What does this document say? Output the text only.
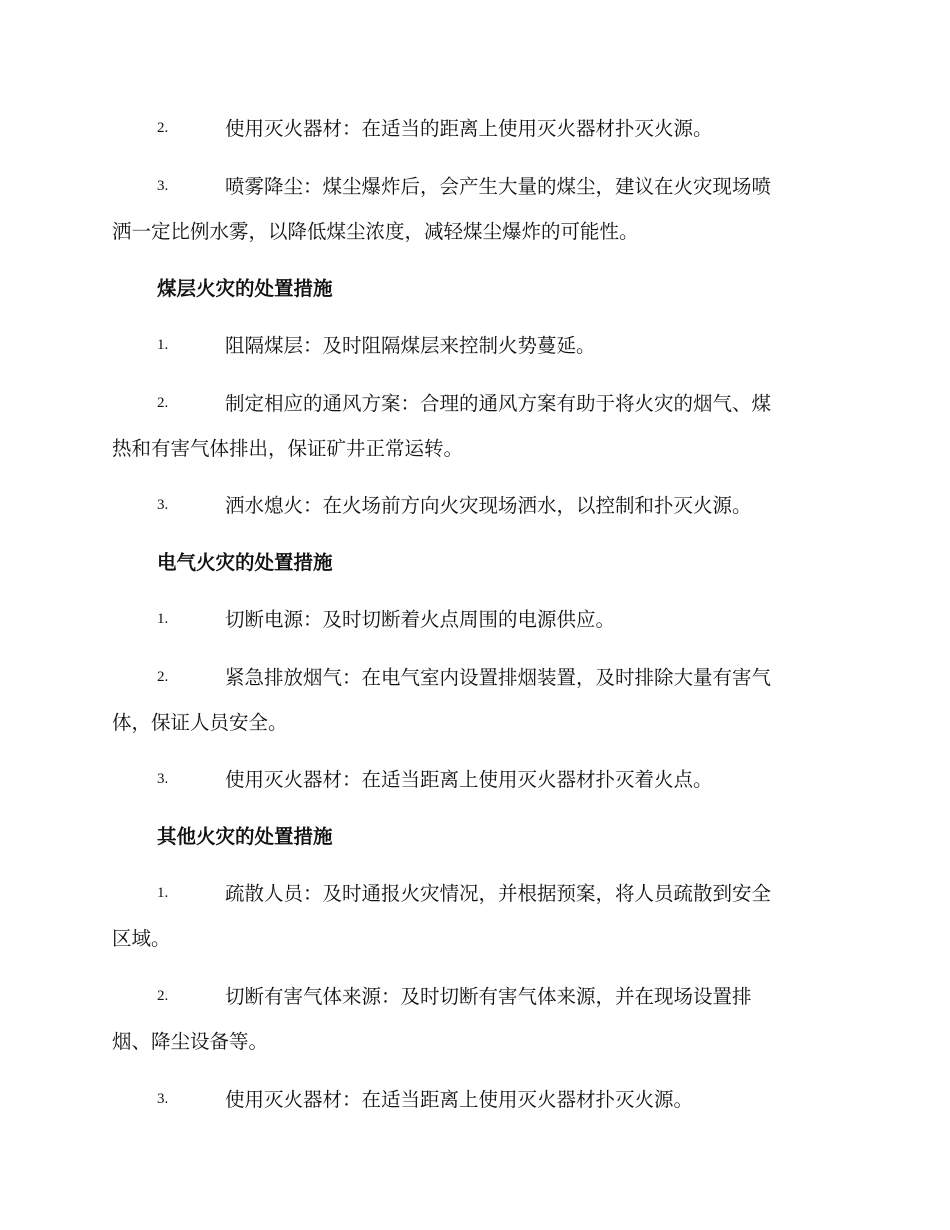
2.	使用灭火器材：在适当的距离上使用灭火器材扑灭火源。
3.	喷雾降尘：煤尘爆炸后，会产生大量的煤尘，建议在火灾现场喷
洒一定比例水雾，以降低煤尘浓度，减轻煤尘爆炸的可能性。
煤层火灾的处置措施
1.	阻隔煤层：及时阻隔煤层来控制火势蔓延。
2.	制定相应的通风方案：合理的通风方案有助于将火灾的烟气、煤
热和有害气体排出，保证矿井正常运转。
3.	洒水熄火：在火场前方向火灾现场洒水，以控制和扑灭火源。
电气火灾的处置措施
1.	切断电源：及时切断着火点周围的电源供应。
2.	紧急排放烟气：在电气室内设置排烟装置，及时排除大量有害气
体，保证人员安全。
3.	使用灭火器材：在适当距离上使用灭火器材扑灭着火点。
其他火灾的处置措施
1.	疏散人员：及时通报火灾情况，并根据预案，将人员疏散到安全
区域。
2.	切断有害气体来源：及时切断有害气体来源，并在现场设置排
烟、降尘设备等。
3.	使用灭火器材：在适当距离上使用灭火器材扑灭火源。
